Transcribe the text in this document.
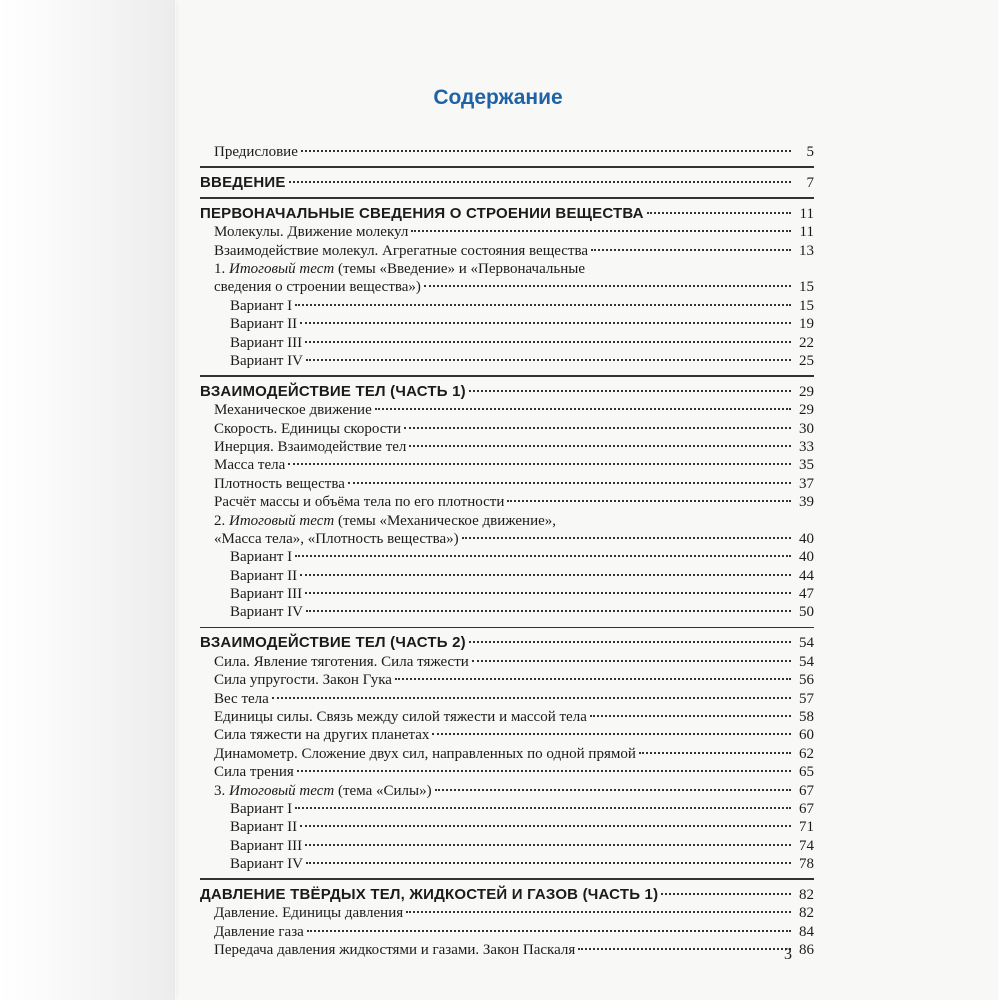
Содержание
Предисловие	5
ВВЕДЕНИЕ	7
ПЕРВОНАЧАЛЬНЫЕ СВЕДЕНИЯ О СТРОЕНИИ ВЕЩЕСТВА	11
Молекулы. Движение молекул	11
Взаимодействие молекул. Агрегатные состояния вещества	13
1. Итоговый тест (темы «Введение» и «Первоначальные
сведения о строении вещества»)	15
Вариант I	15
Вариант II	19
Вариант III	22
Вариант IV	25
ВЗАИМОДЕЙСТВИЕ ТЕЛ (ЧАСТЬ 1)	29
Механическое движение	29
Скорость. Единицы скорости	30
Инерция. Взаимодействие тел	33
Масса тела	35
Плотность вещества	37
Расчёт массы и объёма тела по его плотности	39
2. Итоговый тест (темы «Механическое движение»,
«Масса тела», «Плотность вещества»)	40
Вариант I	40
Вариант II	44
Вариант III	47
Вариант IV	50
ВЗАИМОДЕЙСТВИЕ ТЕЛ (ЧАСТЬ 2)	54
Сила. Явление тяготения. Сила тяжести	54
Сила упругости. Закон Гука	56
Вес тела	57
Единицы силы. Связь между силой тяжести и массой тела	58
Сила тяжести на других планетах	60
Динамометр. Сложение двух сил, направленных по одной прямой	62
Сила трения	65
3. Итоговый тест (тема «Силы»)	67
Вариант I	67
Вариант II	71
Вариант III	74
Вариант IV	78
ДАВЛЕНИЕ ТВЁРДЫХ ТЕЛ, ЖИДКОСТЕЙ И ГАЗОВ (ЧАСТЬ 1)	82
Давление. Единицы давления	82
Давление газа	84
Передача давления жидкостями и газами. Закон Паскаля	86
3
